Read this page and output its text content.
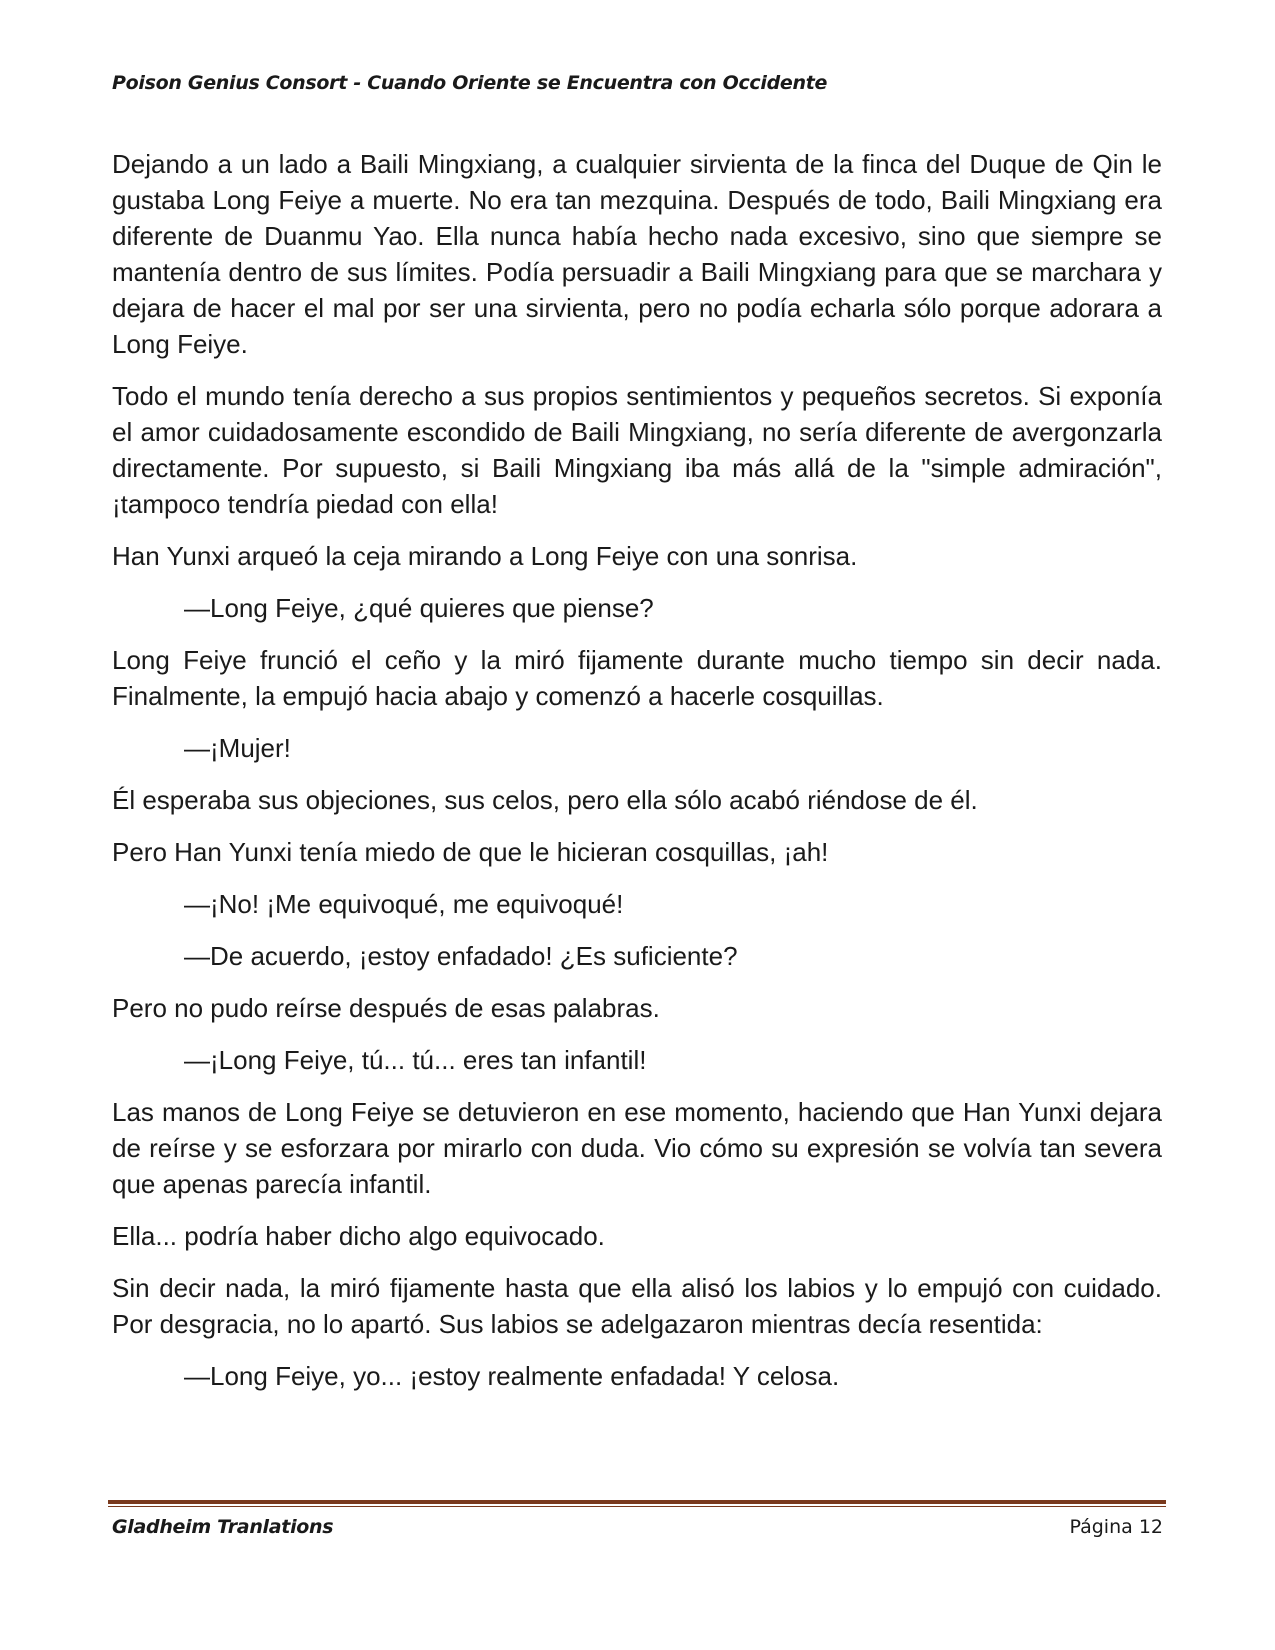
Poison Genius Consort - Cuando Oriente se Encuentra con Occidente

Dejando a un lado a Baili Mingxiang, a cualquier sirvienta de la finca del Duque de Qin le gustaba Long Feiye a muerte. No era tan mezquina. Después de todo, Baili Mingxiang era diferente de Duanmu Yao. Ella nunca había hecho nada excesivo, sino que siempre se mantenía dentro de sus límites. Podía persuadir a Baili Mingxiang para que se marchara y dejara de hacer el mal por ser una sirvienta, pero no podía echarla sólo porque adorara a Long Feiye.

Todo el mundo tenía derecho a sus propios sentimientos y pequeños secretos. Si exponía el amor cuidadosamente escondido de Baili Mingxiang, no sería diferente de avergonzarla directamente. Por supuesto, si Baili Mingxiang iba más allá de la "simple admiración", ¡tampoco tendría piedad con ella!

Han Yunxi arqueó la ceja mirando a Long Feiye con una sonrisa.

—Long Feiye, ¿qué quieres que piense?

Long Feiye frunció el ceño y la miró fijamente durante mucho tiempo sin decir nada. Finalmente, la empujó hacia abajo y comenzó a hacerle cosquillas.

—¡Mujer!

Él esperaba sus objeciones, sus celos, pero ella sólo acabó riéndose de él.

Pero Han Yunxi tenía miedo de que le hicieran cosquillas, ¡ah!

—¡No! ¡Me equivoqué, me equivoqué!

—De acuerdo, ¡estoy enfadado! ¿Es suficiente?

Pero no pudo reírse después de esas palabras.

—¡Long Feiye, tú... tú... eres tan infantil!

Las manos de Long Feiye se detuvieron en ese momento, haciendo que Han Yunxi dejara de reírse y se esforzara por mirarlo con duda. Vio cómo su expresión se volvía tan severa que apenas parecía infantil.

Ella... podría haber dicho algo equivocado.

Sin decir nada, la miró fijamente hasta que ella alisó los labios y lo empujó con cuidado. Por desgracia, no lo apartó. Sus labios se adelgazaron mientras decía resentida:

—Long Feiye, yo... ¡estoy realmente enfadada! Y celosa.

Gladheim Tranlations	Página 12
